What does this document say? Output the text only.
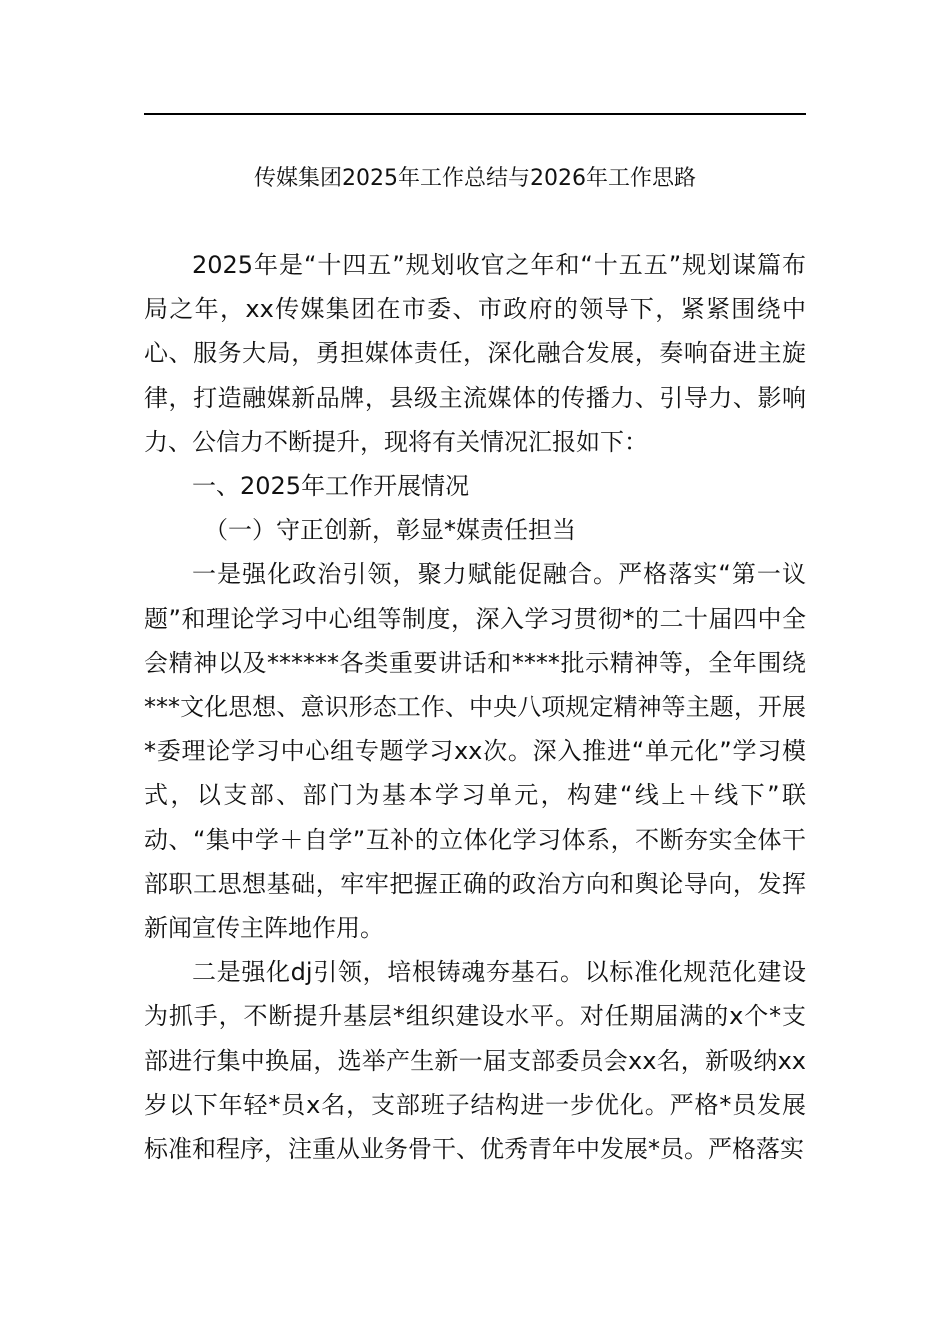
传媒集团2025年工作总结与2026年工作思路

2025年是“十四五”规划收官之年和“十五五”规划谋篇布局之年，xx传媒集团在市委、市政府的领导下，紧紧围绕中心、服务大局，勇担媒体责任，深化融合发展，奏响奋进主旋律，打造融媒新品牌，县级主流媒体的传播力、引导力、影响力、公信力不断提升，现将有关情况汇报如下：

一、2025年工作开展情况

（一）守正创新，彰显*媒责任担当

一是强化政治引领，聚力赋能促融合。严格落实“第一议题”和理论学习中心组等制度，深入学习贯彻*的二十届四中全会精神以及******各类重要讲话和****批示精神等，全年围绕***文化思想、意识形态工作、中央八项规定精神等主题，开展*委理论学习中心组专题学习xx次。深入推进“单元化”学习模式，以支部、部门为基本学习单元，构建“线上＋线下”联动、“集中学＋自学”互补的立体化学习体系，不断夯实全体干部职工思想基础，牢牢把握正确的政治方向和舆论导向，发挥新闻宣传主阵地作用。

二是强化dj引领，培根铸魂夯基石。以标准化规范化建设为抓手，不断提升基层*组织建设水平。对任期届满的x个*支部进行集中换届，选举产生新一届支部委员会xx名，新吸纳xx岁以下年轻*员x名，支部班子结构进一步优化。严格*员发展标准和程序，注重从业务骨干、优秀青年中发展*员。严格落实
